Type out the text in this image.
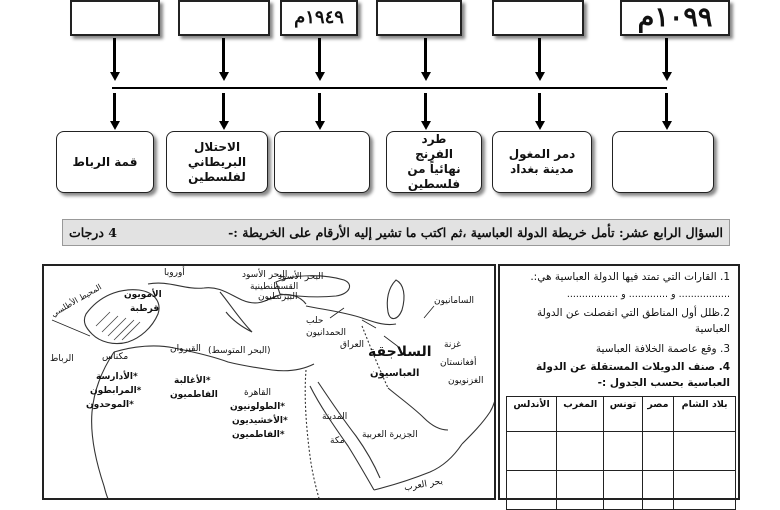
١٩٤٩م	١٠٩٩م
قمة الرباط
الاحتلال البريطاني لفلسطين
طرد الفرنج نهائياً من فلسطين
دمر المغول مدينة بغداد
السؤال الرابع عشر: تأمل خريطة الدولة العباسية ،ثم اكتب ما تشير إليه الأرقام على الخريطة :-
4 درجات
المحيط الأطلسي الأمويون
قرطبة
أوروبا	البحر الأسود
القسطنطينية
البيزنطيون
البحر الأسود
السامانيون
الرباط	مكناس
القيروان (البحر المتوسط)
حلب
الحمدانيون
العراق السلاجقة غزنة
أفغانستان
العباسيون
الغزنويون
*الأدارسة
*المرابطون
*الموحدون
*الأغالبة
الفاطميون	القاهرة
*الطولونيون
*الأخشيديون
*الفاطميون
المدينة
الجزيرة العربية
مكة
بحر العرب
1. القارات التي تمتد فيها الدولة العباسية هي:.
................. و ............. و .................
2.ظلل أول المناطق التي انفصلت عن الدولة
العباسية
3. وقع عاصمة الخلافة العباسية
4. صنف الدويلات المستقلة عن الدولة
العباسية بحسب الجدول :-
بلاد الشام	مصر	تونس	المغرب	الأندلس
